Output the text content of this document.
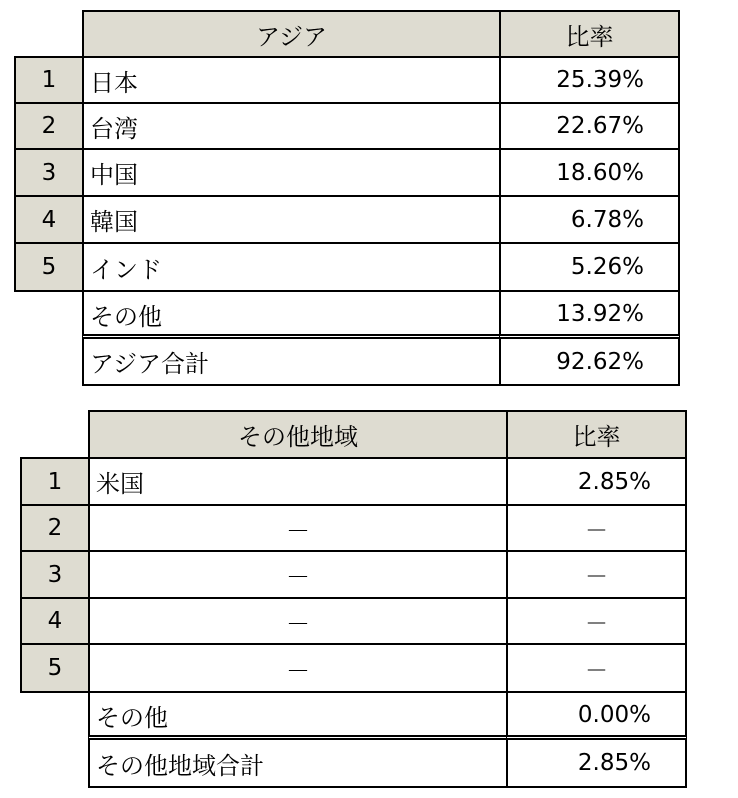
アジア	比率
1	日本	25.39%
2	台湾	22.67%
3	中国	18.60%
4	韓国	6.78%
5	インド	5.26%
その他	13.92%
アジア合計	92.62%
その他地域	比率
1	米国	2.85%
2	－	－
3	－	－
4	－	－
5	－	－
その他	0.00%
その他地域合計	2.85%
